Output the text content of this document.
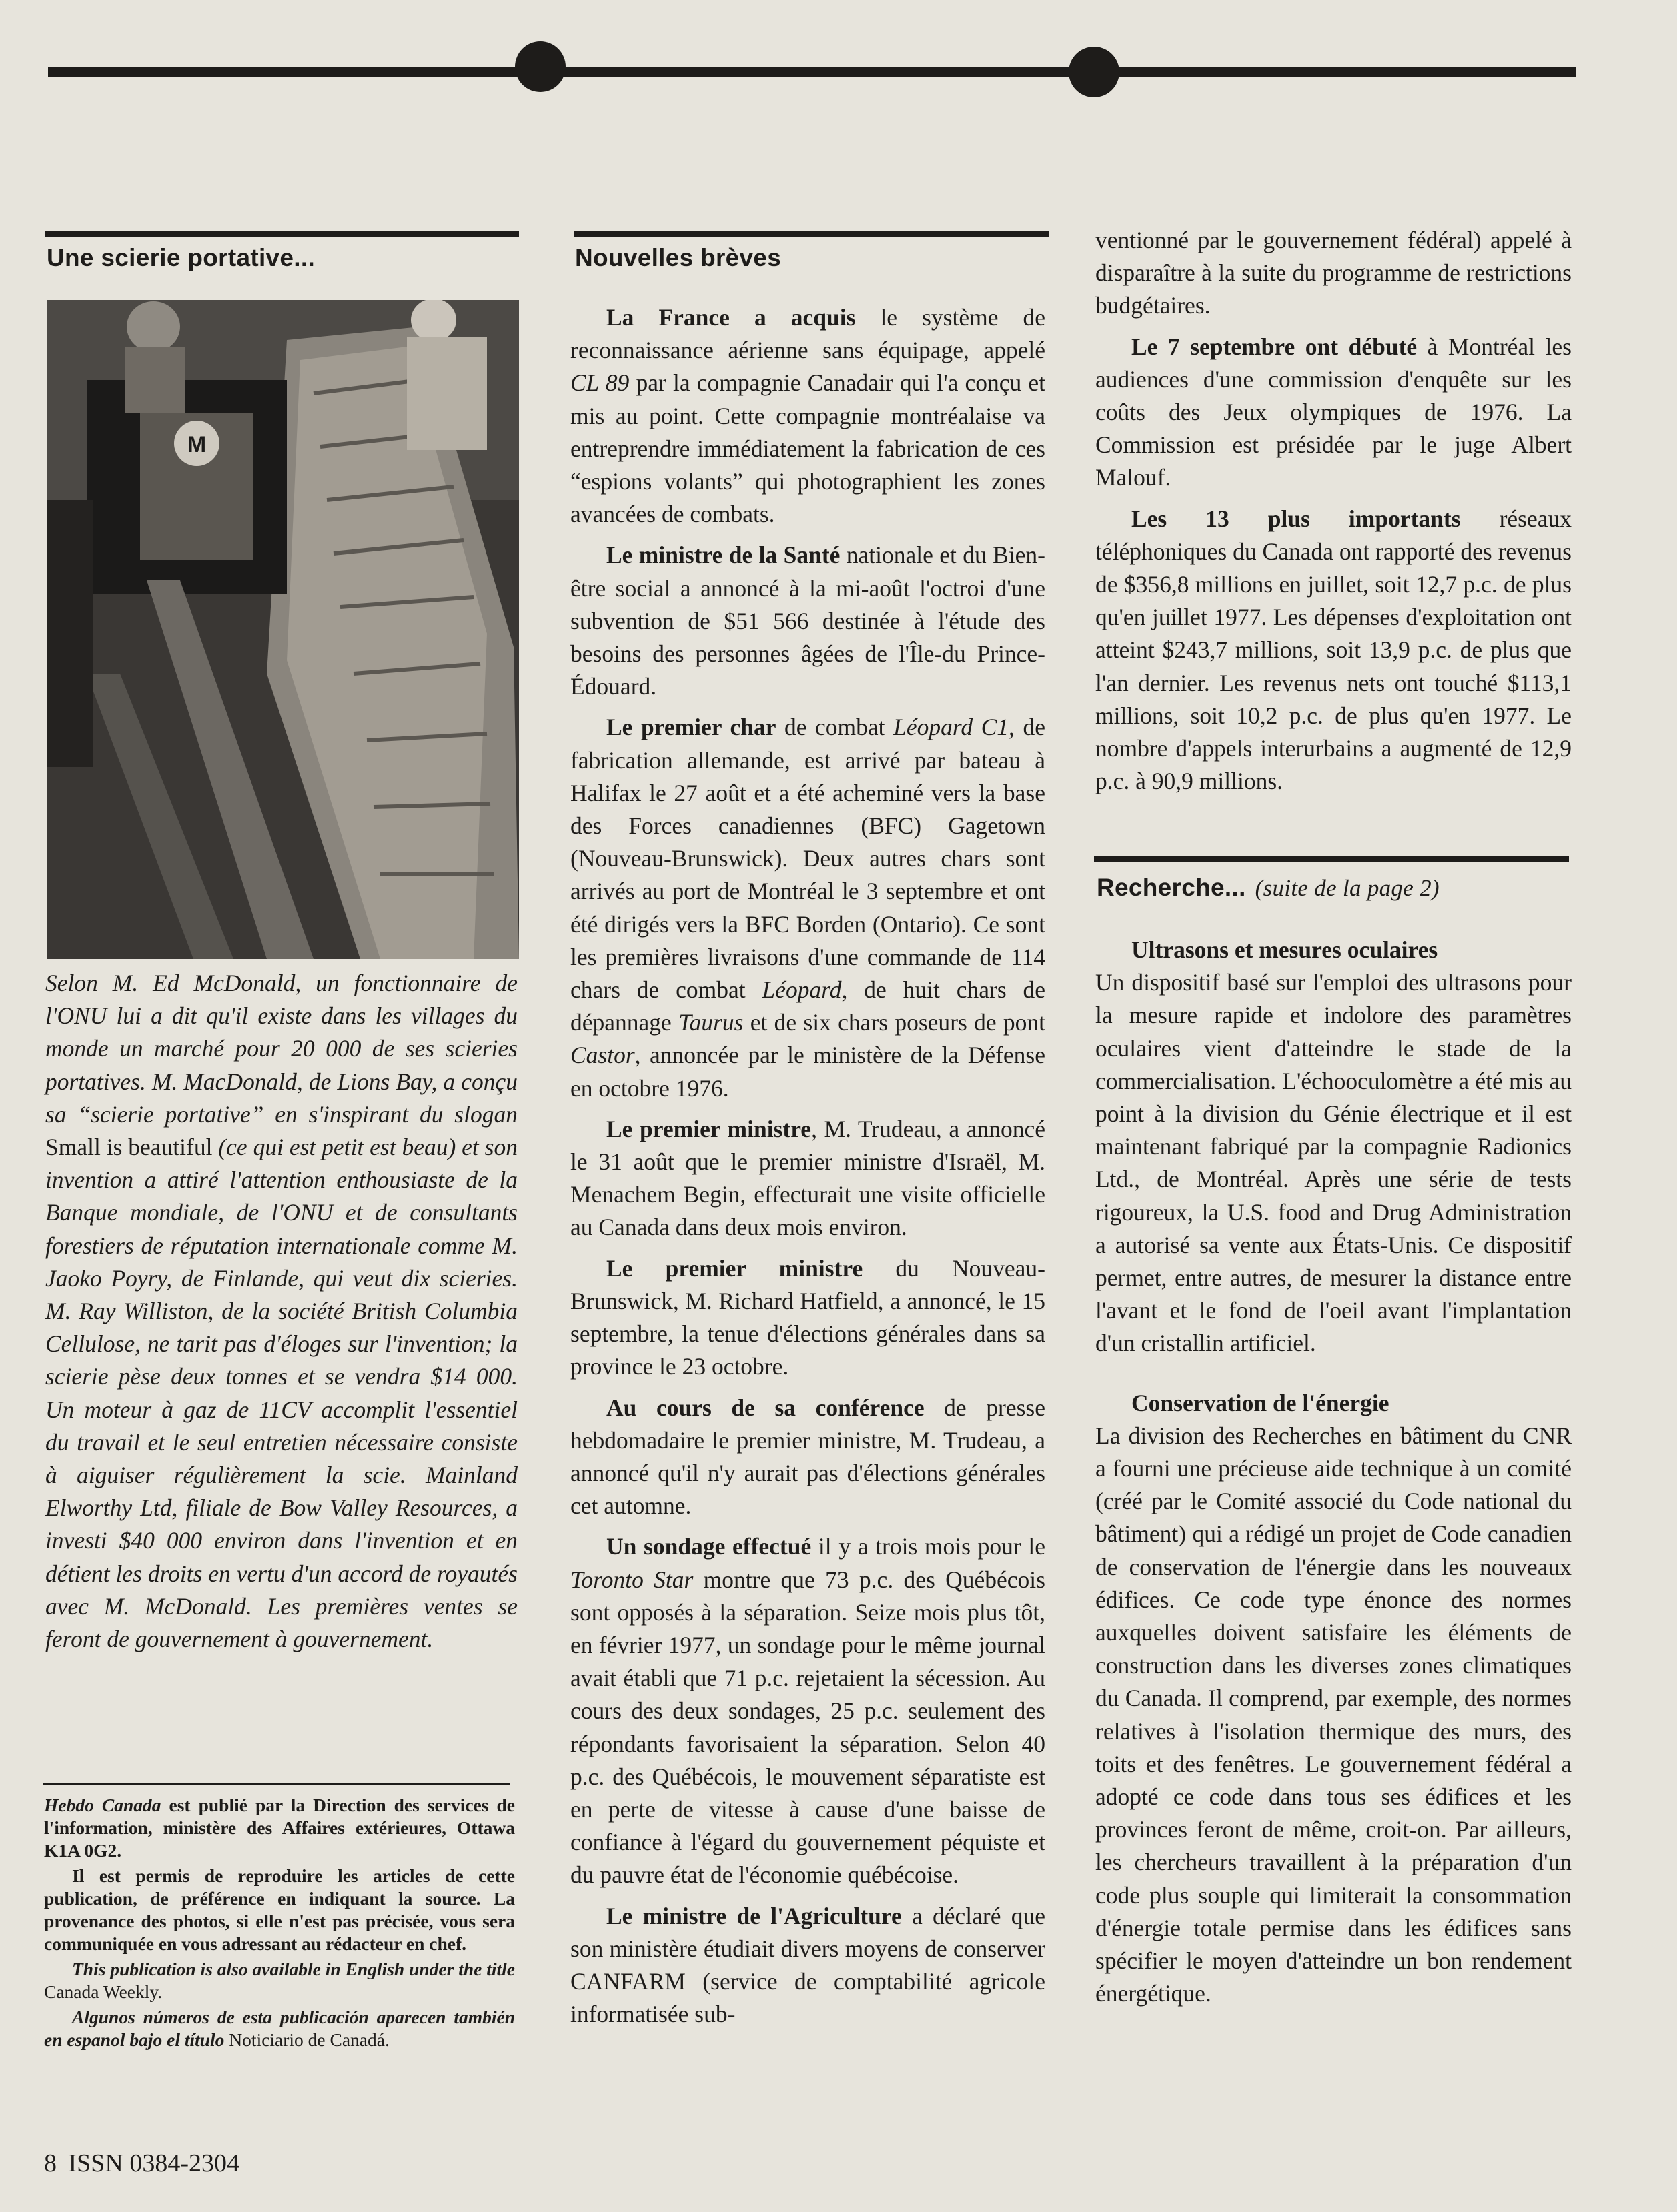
Une scierie portative...
M
Selon M. Ed McDonald, un fonctionnaire de l'ONU lui a dit qu'il existe dans les villages du monde un marché pour 20 000 de ses scieries portatives. M. MacDonald, de Lions Bay, a conçu sa “scierie portative” en s'inspirant du slogan Small is beautiful (ce qui est petit est beau) et son invention a attiré l'attention enthousiaste de la Banque mondiale, de l'ONU et de consultants forestiers de réputation internationale comme M. Jaoko Poyry, de Finlande, qui veut dix scieries. M. Ray Williston, de la société British Columbia Cellulose, ne tarit pas d'éloges sur l'invention; la scierie pèse deux tonnes et se vendra $14 000. Un moteur à gaz de 11CV accomplit l'essentiel du travail et le seul entretien nécessaire consiste à aiguiser régulièrement la scie. Mainland Elworthy Ltd, filiale de Bow Valley Resources, a investi $40 000 environ dans l'invention et en détient les droits en vertu d'un accord de royautés avec M. McDonald. Les premières ventes se feront de gouvernement à gouvernement.

Hebdo Canada est publié par la Direction des services de l'information, ministère des Affaires extérieures, Ottawa K1A 0G2.

Il est permis de reproduire les articles de cette publication, de préférence en indiquant la source. La provenance des photos, si elle n'est pas précisée, vous sera communiquée en vous adressant au rédacteur en chef.

This publication is also available in English under the title Canada Weekly.

Algunos números de esta publicación aparecen también en espanol bajo el título Noticiario de Canadá.

8 ISSN 0384-2304
Nouvelles brèves

La France a acquis le système de reconnaissance aérienne sans équipage, appelé CL 89 par la compagnie Canadair qui l'a conçu et mis au point. Cette compagnie montréalaise va entreprendre immédiatement la fabrication de ces “espions volants” qui photographient les zones avancées de combats.

Le ministre de la Santé nationale et du Bien-être social a annoncé à la mi-août l'octroi d'une subvention de $51 566 destinée à l'étude des besoins des personnes âgées de l'Île-du Prince-Édouard.

Le premier char de combat Léopard C1, de fabrication allemande, est arrivé par bateau à Halifax le 27 août et a été acheminé vers la base des Forces canadiennes (BFC) Gagetown (Nouveau-Brunswick). Deux autres chars sont arrivés au port de Montréal le 3 septembre et ont été dirigés vers la BFC Borden (Ontario). Ce sont les premières livraisons d'une commande de 114 chars de combat Léopard, de huit chars de dépannage Taurus et de six chars poseurs de pont Castor, annoncée par le ministère de la Défense en octobre 1976.

Le premier ministre, M. Trudeau, a annoncé le 31 août que le premier ministre d'Israël, M. Menachem Begin, effecturait une visite officielle au Canada dans deux mois environ.

Le premier ministre du Nouveau-Brunswick, M. Richard Hatfield, a annoncé, le 15 septembre, la tenue d'élections générales dans sa province le 23 octobre.

Au cours de sa conférence de presse hebdomadaire le premier ministre, M. Trudeau, a annoncé qu'il n'y aurait pas d'élections générales cet automne.

Un sondage effectué il y a trois mois pour le Toronto Star montre que 73 p.c. des Québécois sont opposés à la séparation. Seize mois plus tôt, en février 1977, un sondage pour le même journal avait établi que 71 p.c. rejetaient la sécession. Au cours des deux sondages, 25 p.c. seulement des répondants favorisaient la séparation. Selon 40 p.c. des Québécois, le mouvement séparatiste est en perte de vitesse à cause d'une baisse de confiance à l'égard du gouvernement péquiste et du pauvre état de l'économie québécoise.

Le ministre de l'Agriculture a déclaré que son ministère étudiait divers moyens de conserver CANFARM (service de comptabilité agricole informatisée sub-

ventionné par le gouvernement fédéral) appelé à disparaître à la suite du programme de restrictions budgétaires.

Le 7 septembre ont débuté à Montréal les audiences d'une commission d'enquête sur les coûts des Jeux olympiques de 1976. La Commission est présidée par le juge Albert Malouf.

Les 13 plus importants réseaux téléphoniques du Canada ont rapporté des revenus de $356,8 millions en juillet, soit 12,7 p.c. de plus qu'en juillet 1977. Les dépenses d'exploitation ont atteint $243,7 millions, soit 13,9 p.c. de plus que l'an dernier. Les revenus nets ont touché $113,1 millions, soit 10,2 p.c. de plus qu'en 1977. Le nombre d'appels interurbains a augmenté de 12,9 p.c. à 90,9 millions.

Recherche... (suite de la page 2)

Ultrasons et mesures oculaires

Un dispositif basé sur l'emploi des ultrasons pour la mesure rapide et indolore des paramètres oculaires vient d'atteindre le stade de la commercialisation. L'échooculomètre a été mis au point à la division du Génie électrique et il est maintenant fabriqué par la compagnie Radionics Ltd., de Montréal. Après une série de tests rigoureux, la U.S. food and Drug Administration a autorisé sa vente aux États-Unis. Ce dispositif permet, entre autres, de mesurer la distance entre l'avant et le fond de l'oeil avant l'implantation d'un cristallin artificiel.

Conservation de l'énergie

La division des Recherches en bâtiment du CNR a fourni une précieuse aide technique à un comité (créé par le Comité associé du Code national du bâtiment) qui a rédigé un projet de Code canadien de conservation de l'énergie dans les nouveaux édifices. Ce code type énonce des normes auxquelles doivent satisfaire les éléments de construction dans les diverses zones climatiques du Canada. Il comprend, par exemple, des normes relatives à l'isolation thermique des murs, des toits et des fenêtres. Le gouvernement fédéral a adopté ce code dans tous ses édifices et les provinces feront de même, croit-on. Par ailleurs, les chercheurs travaillent à la préparation d'un code plus souple qui limiterait la consommation d'énergie totale permise dans les édifices sans spécifier le moyen d'atteindre un bon rendement énergétique.
